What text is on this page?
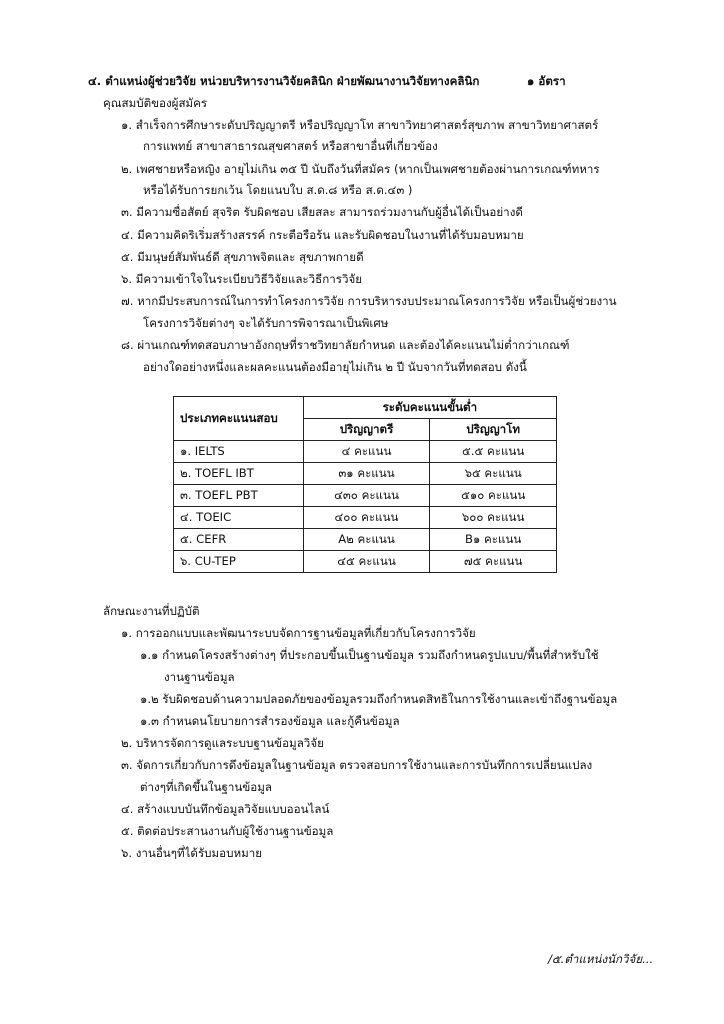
๔. ตำแหน่งผู้ช่วยวิจัย หน่วยบริหารงานวิจัยคลินิก ฝ่ายพัฒนางานวิจัยทางคลินิก	๑ อัตรา
คุณสมบัติของผู้สมัคร
๑. สำเร็จการศึกษาระดับปริญญาตรี หรือปริญญาโท สาขาวิทยาศาสตร์สุขภาพ สาขาวิทยาศาสตร์
การแพทย์ สาขาสาธารณสุขศาสตร์ หรือสาขาอื่นที่เกี่ยวข้อง
๒. เพศชายหรือหญิง อายุไม่เกิน ๓๕ ปี นับถึงวันที่สมัคร (หากเป็นเพศชายต้องผ่านการเกณฑ์ทหาร
หรือได้รับการยกเว้น โดยแนบใบ ส.ด.๘ หรือ ส.ด.๔๓ )
๓. มีความซื่อสัตย์ สุจริต รับผิดชอบ เสียสละ สามารถร่วมงานกับผู้อื่นได้เป็นอย่างดี
๔. มีความคิดริเริ่มสร้างสรรค์ กระตือรือร้น และรับผิดชอบในงานที่ได้รับมอบหมาย
๕. มีมนุษย์สัมพันธ์ดี สุขภาพจิตและ สุขภาพกายดี
๖. มีความเข้าใจในระเบียบวิธีวิจัยและวิธีการวิจัย
๗. หากมีประสบการณ์ในการทำโครงการวิจัย การบริหารงบประมาณโครงการวิจัย หรือเป็นผู้ช่วยงาน
โครงการวิจัยต่างๆ จะได้รับการพิจารณาเป็นพิเศษ
๘. ผ่านเกณฑ์ทดสอบภาษาอังกฤษที่ราชวิทยาลัยกำหนด และต้องได้คะแนนไม่ต่ำกว่าเกณฑ์
อย่างใดอย่างหนึ่งและผลคะแนนต้องมีอายุไม่เกิน ๒ ปี นับจากวันที่ทดสอบ ดังนี้
ประเภทคะแนนสอบ	ระดับคะแนนขั้นต่ำ	
	ปริญญาตรี	ปริญญาโท
๑. IELTS	๔ คะแนน	๕.๕ คะแนน
๒. TOEFL IBT	๓๑ คะแนน	๖๕ คะแนน
๓. TOEFL PBT	๔๓๐ คะแนน	๕๑๐ คะแนน
๔. TOEIC	๔๐๐ คะแนน	๖๐๐ คะแนน
๕. CEFR	A๒ คะแนน	B๑ คะแนน
๖. CU-TEP	๔๕ คะแนน	๗๕ คะแนน
ลักษณะงานที่ปฏิบัติ
๑. การออกแบบและพัฒนาระบบจัดการฐานข้อมูลที่เกี่ยวกับโครงการวิจัย
๑.๑ กำหนดโครงสร้างต่างๆ ที่ประกอบขึ้นเป็นฐานข้อมูล รวมถึงกำหนดรูปแบบ/พื้นที่สำหรับใช้
งานฐานข้อมูล
๑.๒ รับผิดชอบด้านความปลอดภัยของข้อมูลรวมถึงกำหนดสิทธิในการใช้งานและเข้าถึงฐานข้อมูล
๑.๓ กำหนดนโยบายการสำรองข้อมูล และกู้คืนข้อมูล
๒. บริหารจัดการดูแลระบบฐานข้อมูลวิจัย
๓. จัดการเกี่ยวกับการดึงข้อมูลในฐานข้อมูล ตรวจสอบการใช้งานและการบันทึกการเปลี่ยนแปลง
ต่างๆที่เกิดขึ้นในฐานข้อมูล
๔. สร้างแบบบันทึกข้อมูลวิจัยแบบออนไลน์
๕. ติดต่อประสานงานกับผู้ใช้งานฐานข้อมูล
๖. งานอื่นๆที่ได้รับมอบหมาย
/๕.ตำแหน่งนักวิจัย...
